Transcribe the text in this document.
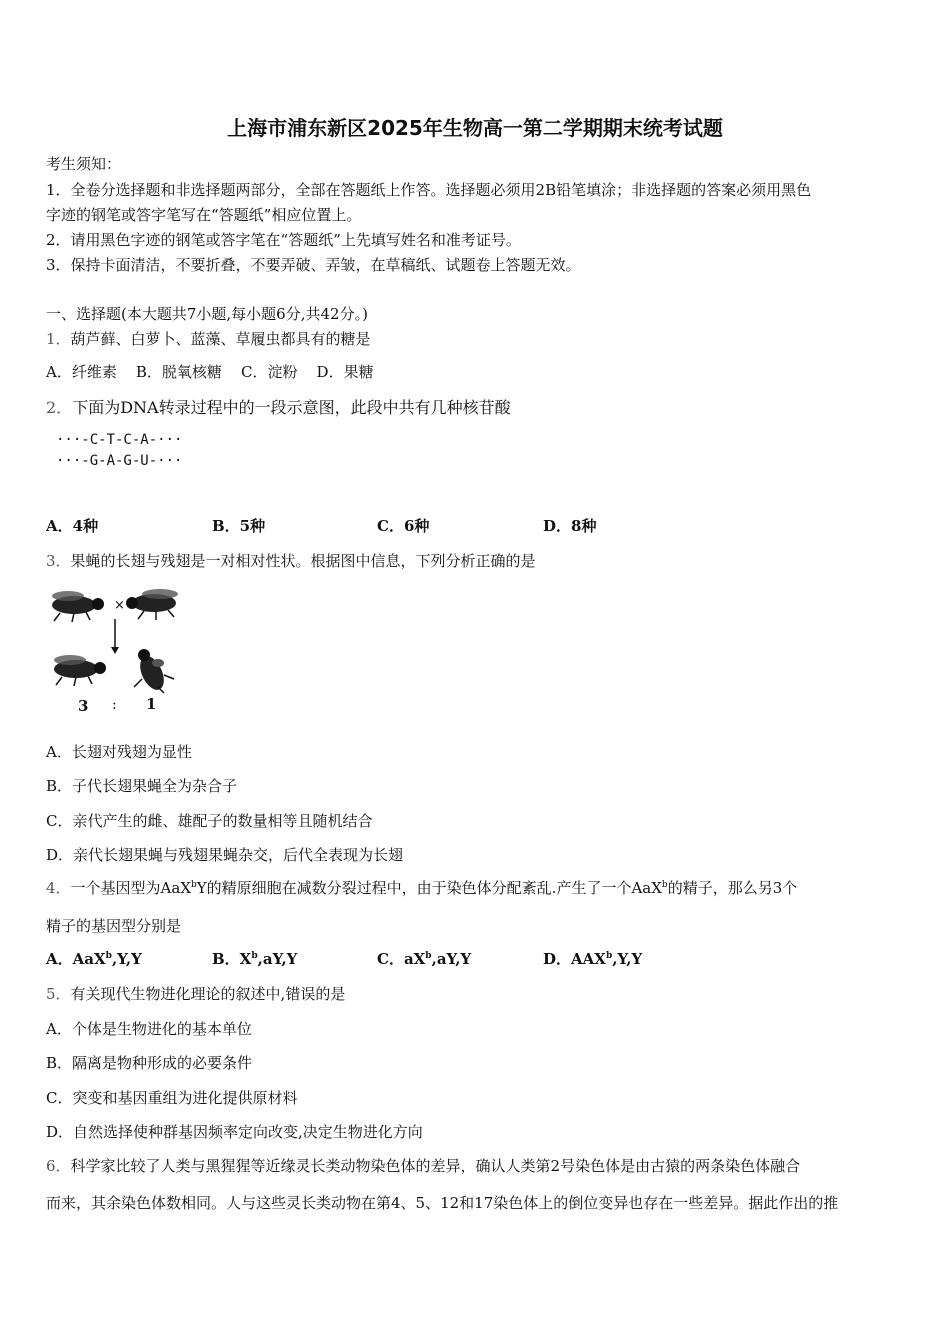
上海市浦东新区2025年生物高一第二学期期末统考试题
考生须知：
1．全卷分选择题和非选择题两部分，全部在答题纸上作答。选择题必须用2B铅笔填涂；非选择题的答案必须用黑色
字迹的钢笔或答字笔写在“答题纸”相应位置上。
2．请用黑色字迹的钢笔或答字笔在“答题纸”上先填写姓名和准考证号。
3．保持卡面清洁，不要折叠，不要弄破、弄皱，在草稿纸、试题卷上答题无效。
一、选择题(本大题共7小题,每小题6分,共42分。)
1．葫芦藓、白萝卜、蓝藻、草履虫都具有的糖是
A．纤维素    B．脱氧核糖    C．淀粉    D．果糖
2．下面为DNA转录过程中的一段示意图，此段中共有几种核苷酸
···-C-T-C-A-···
···-G-A-G-U-···
A．4种	B．5种	C．6种	D．8种
3．果蝇的长翅与残翅是一对相对性状。根据图中信息，下列分析正确的是
×
3 : 1
A．长翅对残翅为显性
B．子代长翅果蝇全为杂合子
C．亲代产生的雌、雄配子的数量相等且随机结合
D．亲代长翅果蝇与残翅果蝇杂交，后代全表现为长翅
4．一个基因型为AaX$^b$Y的精原细胞在减数分裂过程中，由于染色体分配紊乱.产生了一个AaX$^b$的精子，那么另3个
精子的基因型分别是
A．AaX$^b$,Y,Y	B．$X^b,aY,Y$	C．$aX^b,aY,Y$	D．AAX$^b$,Y,Y
5．有关现代生物进化理论的叙述中,错误的是
A．个体是生物进化的基本单位
B．隔离是物种形成的必要条件
C．突变和基因重组为进化提供原材料
D．自然选择使种群基因频率定向改变,决定生物进化方向
6．科学家比较了人类与黑猩猩等近缘灵长类动物染色体的差异，确认人类第2号染色体是由古猿的两条染色体融合
而来，其余染色体数相同。人与这些灵长类动物在第4、5、12和17染色体上的倒位变异也存在一些差异。据此作出的推
